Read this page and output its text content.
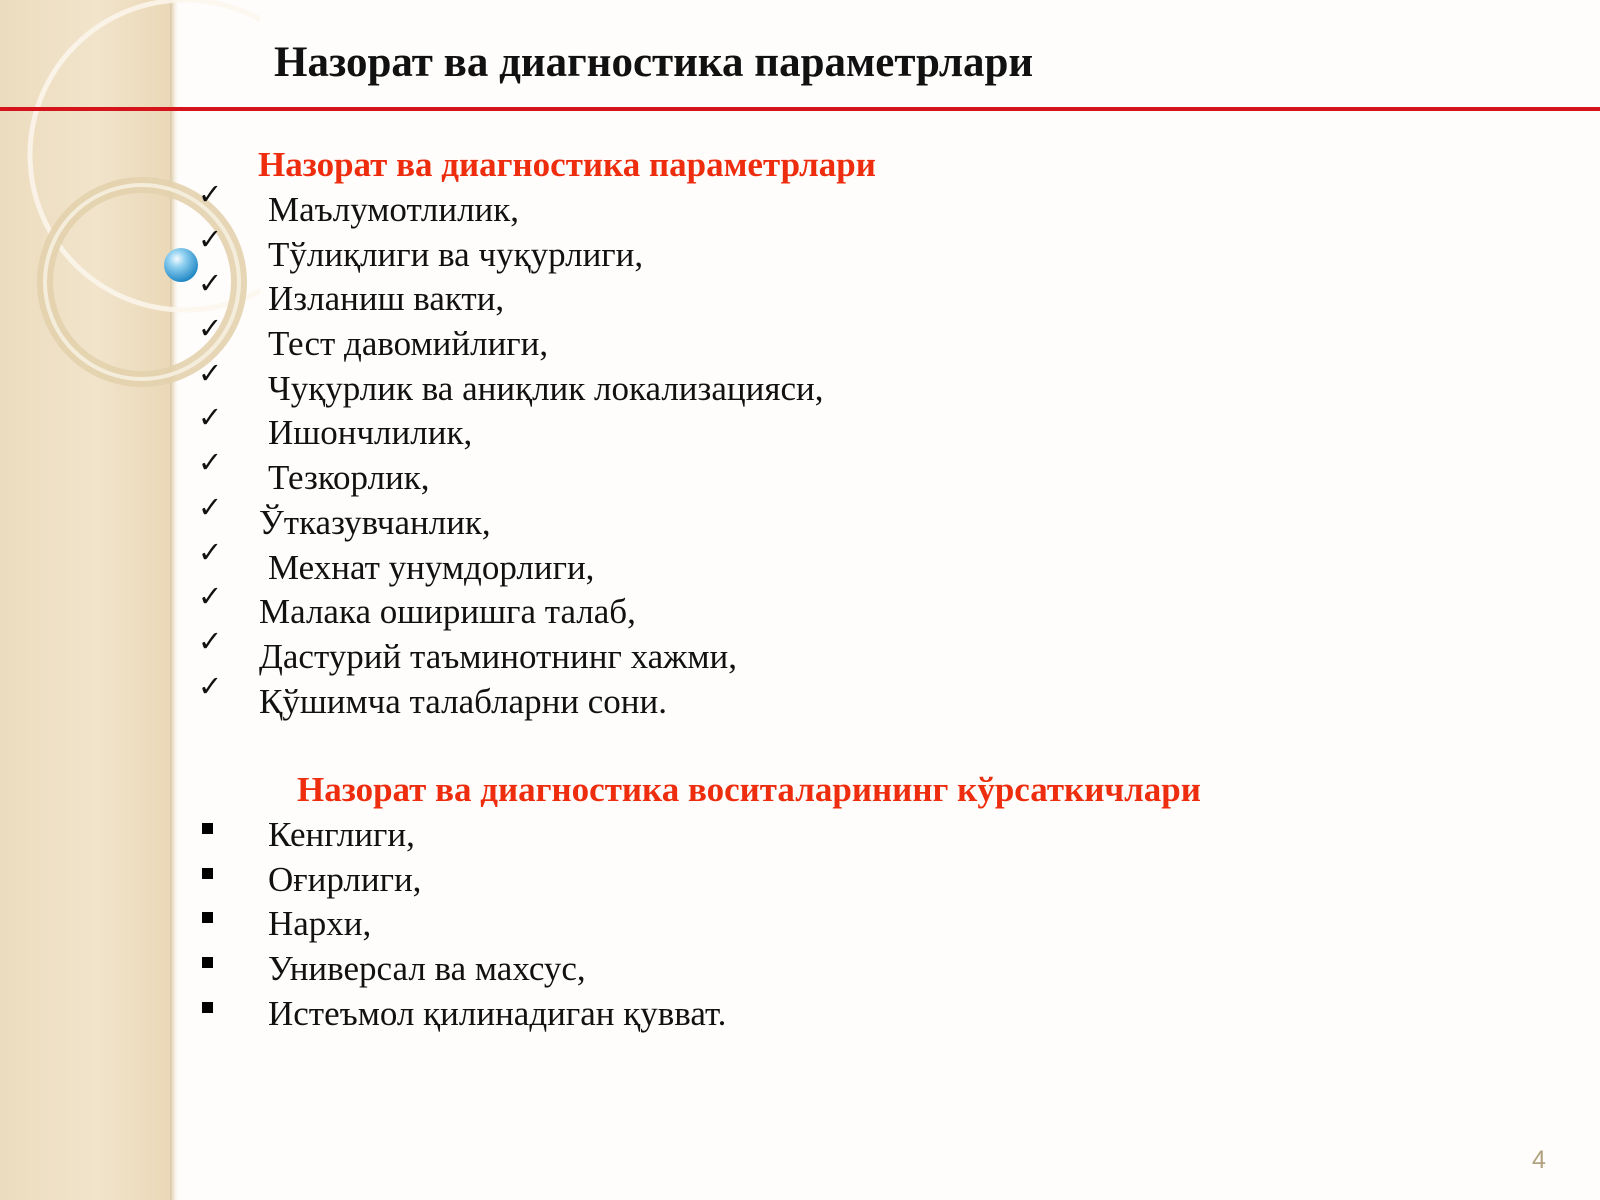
Назорат ва диагностика параметрлари
Назорат ва диагностика параметрлари
✓ Маълумотлилик,
✓ Тўлиқлиги ва чуқурлиги,
✓ Изланиш вакти,
✓ Тест давомийлиги,
✓ Чуқурлик ва аниқлик локализацияси,
✓ Ишончлилик,
✓ Тезкорлик,
✓ Ўтказувчанлик,
✓ Мехнат унумдорлиги,
✓ Малака оширишга талаб,
✓ Дастурий таъминотнинг хажми,
✓ Қўшимча талабларни сони.
Назорат ва диагностика воситаларининг кўрсаткичлари
Кенглиги,
Оғирлиги,
Нархи,
Универсал ва махсус,
Истеъмол қилинадиган қувват.
4
